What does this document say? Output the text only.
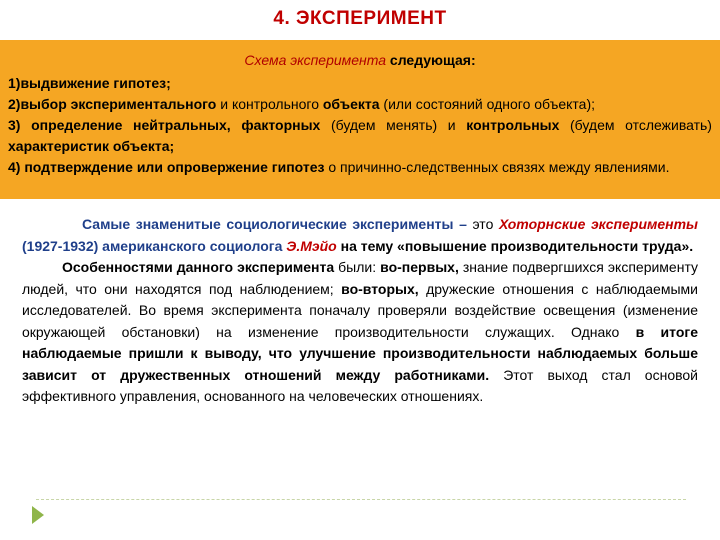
4. ЭКСПЕРИМЕНТ
Схема эксперимента следующая:
1)выдвижение гипотез;
2)выбор экспериментального и контрольного объекта (или состояний одного объекта);
3) определение нейтральных, факторных (будем менять) и контрольных (будем отслеживать) характеристик объекта;
4) подтверждение или опровержение гипотез о причинно-следственных связях между явлениями.

Самые знаменитые социологические эксперименты – это Хоторнские эксперименты (1927-1932) американского социолога Э.Мэйо на тему «повышение производительности труда».

Особенностями данного эксперимента были: во-первых, знание подвергшихся эксперименту людей, что они находятся под наблюдением; во-вторых, дружеские отношения с наблюдаемыми исследователей. Во время эксперимента поначалу проверяли воздействие освещения (изменение окружающей обстановки) на изменение производительности служащих. Однако в итоге наблюдаемые пришли к выводу, что улучшение производительности наблюдаемых больше зависит от дружественных отношений между работниками. Этот выход стал основой эффективного управления, основанного на человеческих отношениях.
